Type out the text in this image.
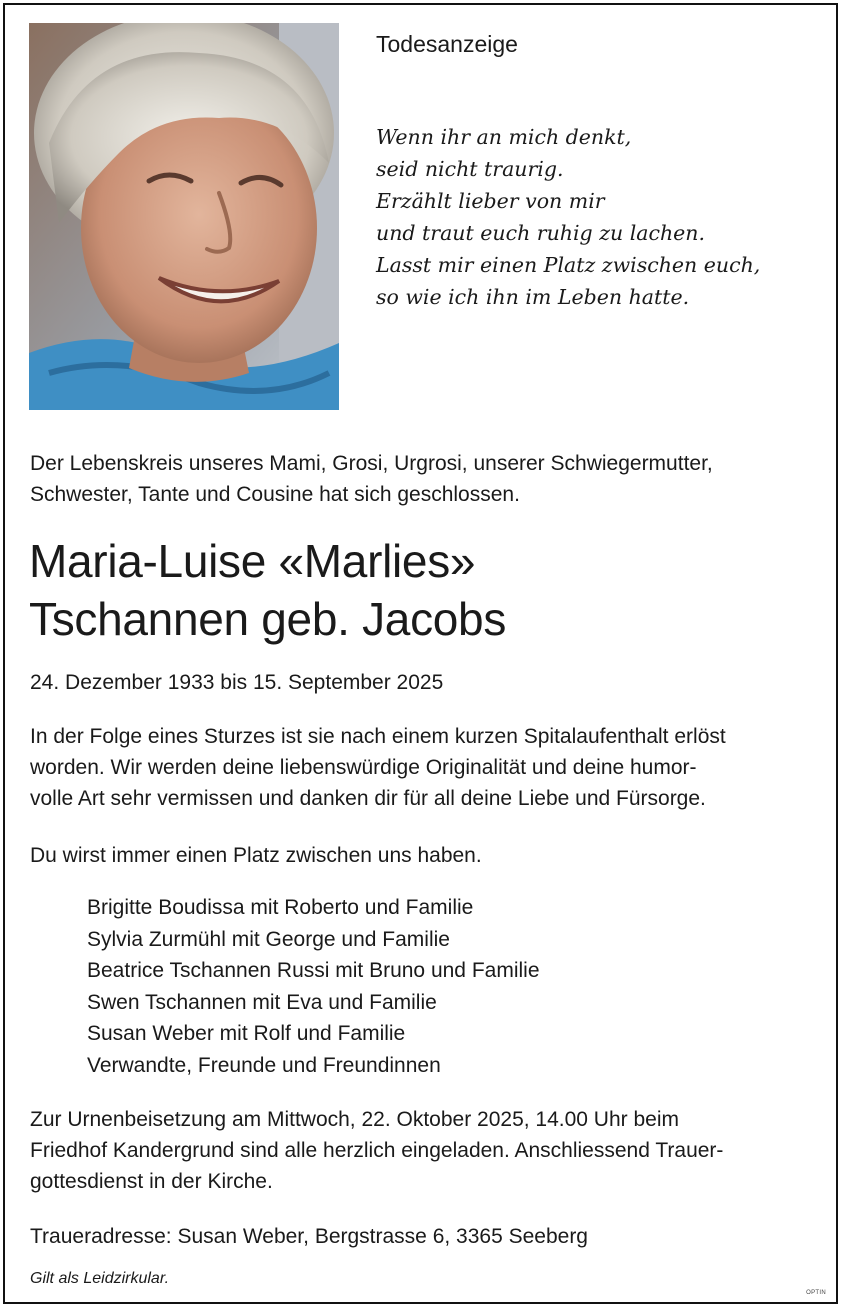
Todesanzeige
Wenn ihr an mich denkt,
seid nicht traurig.
Erzählt lieber von mir
und traut euch ruhig zu lachen.
Lasst mir einen Platz zwischen euch,
so wie ich ihn im Leben hatte.
Der Lebenskreis unseres Mami, Grosi, Urgrosi, unserer Schwiegermutter,
Schwester, Tante und Cousine hat sich geschlossen.
Maria-Luise «Marlies»
Tschannen geb. Jacobs
24. Dezember 1933 bis 15. September 2025
In der Folge eines Sturzes ist sie nach einem kurzen Spitalaufenthalt erlöst
worden. Wir werden deine liebenswürdige Originalität und deine humor-
volle Art sehr vermissen und danken dir für all deine Liebe und Fürsorge.
Du wirst immer einen Platz zwischen uns haben.
Brigitte Boudissa mit Roberto und Familie
Sylvia Zurmühl mit George und Familie
Beatrice Tschannen Russi mit Bruno und Familie
Swen Tschannen mit Eva und Familie
Susan Weber mit Rolf und Familie
Verwandte, Freunde und Freundinnen
Zur Urnenbeisetzung am Mittwoch, 22. Oktober 2025, 14.00 Uhr beim
Friedhof Kandergrund sind alle herzlich eingeladen. Anschliessend Trauer-
gottesdienst in der Kirche.
Traueradresse: Susan Weber, Bergstrasse 6, 3365 Seeberg
Gilt als Leidzirkular.
OPTIN
